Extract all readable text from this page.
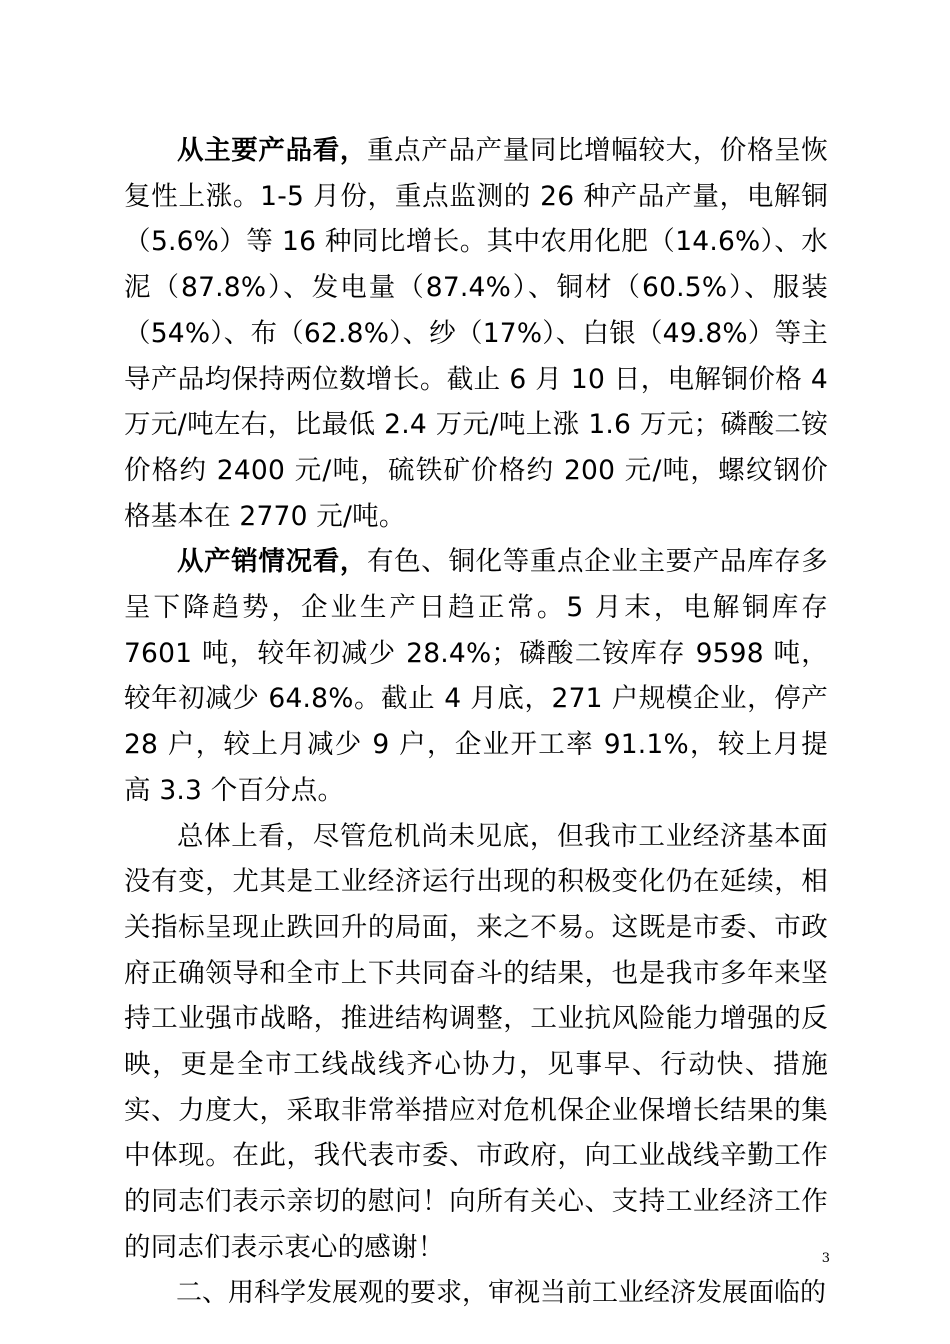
从主要产品看，重点产品产量同比增幅较大，价格呈恢复性上涨。1-5 月份，重点监测的 26 种产品产量，电解铜（5.6%）等 16 种同比增长。其中农用化肥（14.6%）、水泥（87.8%）、发电量（87.4%）、铜材（60.5%）、服装（54%）、布（62.8%）、纱（17%）、白银（49.8%）等主导产品均保持两位数增长。截止 6 月 10 日，电解铜价格 4 万元/吨左右，比最低 2.4 万元/吨上涨 1.6 万元；磷酸二铵价格约 2400 元/吨，硫铁矿价格约 200 元/吨，螺纹钢价格基本在 2770 元/吨。

从产销情况看，有色、铜化等重点企业主要产品库存多呈下降趋势，企业生产日趋正常。5 月末，电解铜库存 7601 吨，较年初减少 28.4%；磷酸二铵库存 9598 吨，较年初减少 64.8%。截止 4 月底，271 户规模企业，停产 28 户，较上月减少 9 户，企业开工率 91.1%，较上月提高 3.3 个百分点。

总体上看，尽管危机尚未见底，但我市工业经济基本面没有变，尤其是工业经济运行出现的积极变化仍在延续，相关指标呈现止跌回升的局面，来之不易。这既是市委、市政府正确领导和全市上下共同奋斗的结果，也是我市多年来坚持工业强市战略，推进结构调整，工业抗风险能力增强的反映，更是全市工线战线齐心协力，见事早、行动快、措施实、力度大，采取非常举措应对危机保企业保增长结果的集中体现。在此，我代表市委、市政府，向工业战线辛勤工作的同志们表示亲切的慰问！向所有关心、支持工业经济工作的同志们表示衷心的感谢！

二、用科学发展观的要求，审视当前工业经济发展面临的

3
